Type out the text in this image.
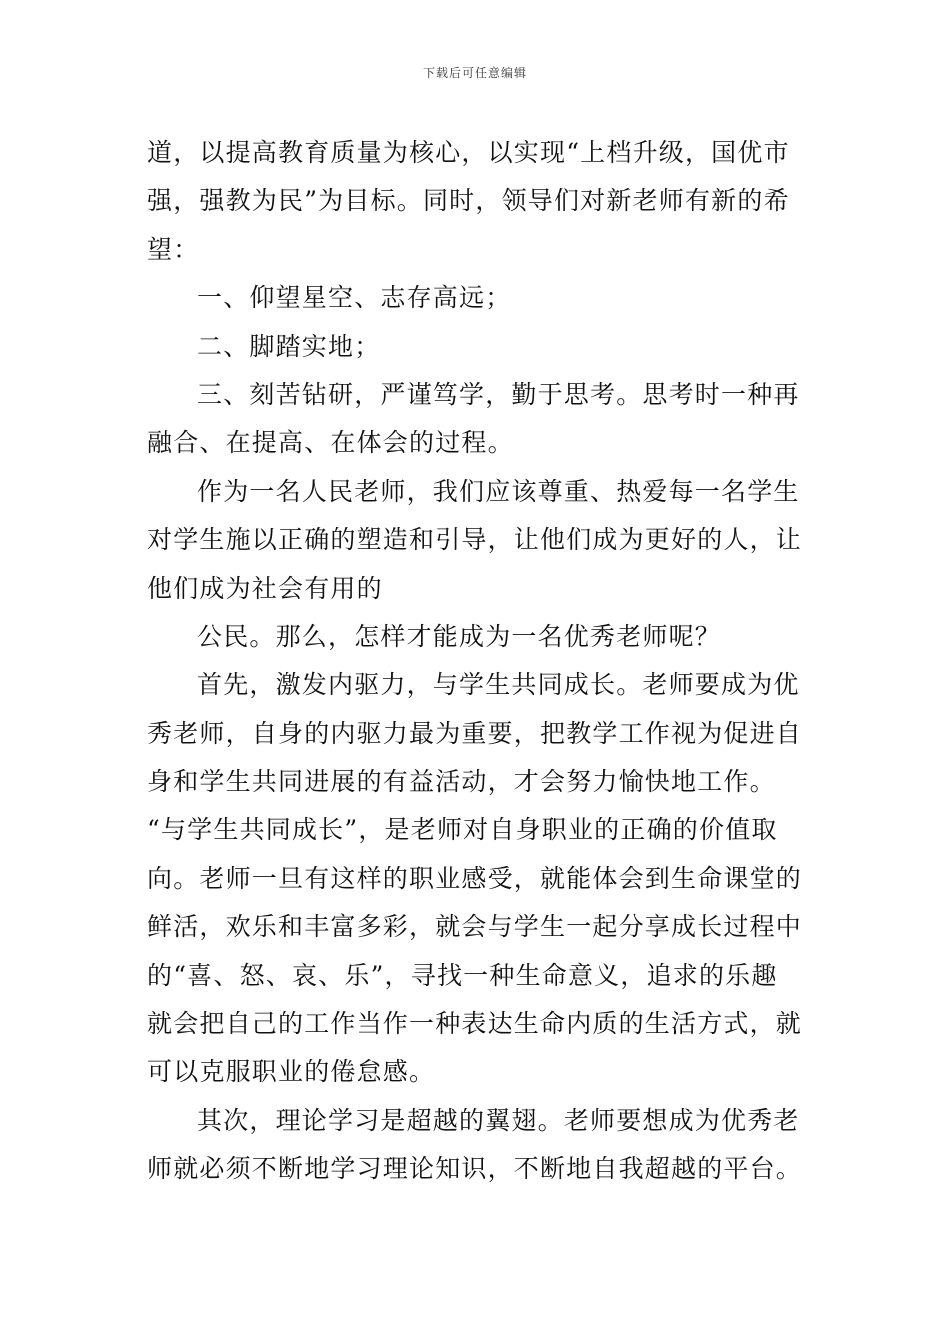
下载后可任意编辑
道，以提高教育质量为核心，以实现“上档升级，国优市
强，强教为民”为目标。同时，领导们对新老师有新的希
望：
一、仰望星空、志存高远；
二、脚踏实地；
三、刻苦钻研，严谨笃学，勤于思考。思考时一种再
融合、在提高、在体会的过程。
作为一名人民老师，我们应该尊重、热爱每一名学生
对学生施以正确的塑造和引导，让他们成为更好的人，让
他们成为社会有用的
公民。那么，怎样才能成为一名优秀老师呢？
首先，激发内驱力，与学生共同成长。老师要成为优
秀老师，自身的内驱力最为重要，把教学工作视为促进自
身和学生共同进展的有益活动，才会努力愉快地工作。
“与学生共同成长”，是老师对自身职业的正确的价值取
向。老师一旦有这样的职业感受，就能体会到生命课堂的
鲜活，欢乐和丰富多彩，就会与学生一起分享成长过程中
的“喜、怒、哀、乐”，寻找一种生命意义，追求的乐趣
就会把自己的工作当作一种表达生命内质的生活方式，就
可以克服职业的倦怠感。
其次，理论学习是超越的翼翅。老师要想成为优秀老
师就必须不断地学习理论知识，不断地自我超越的平台。
